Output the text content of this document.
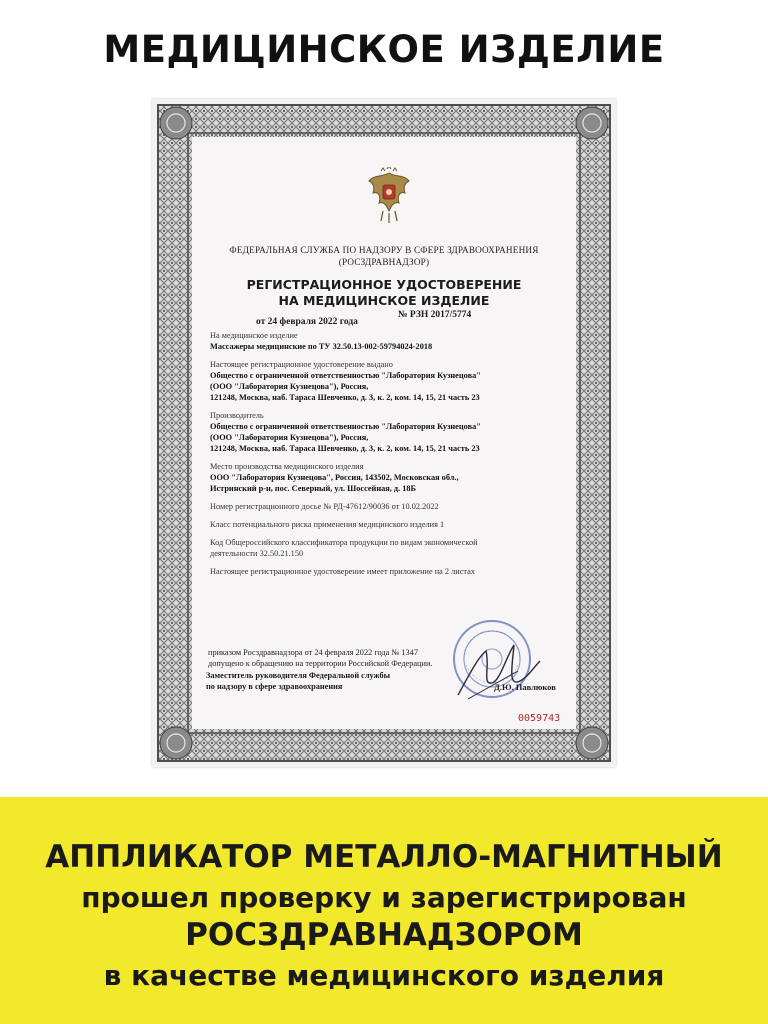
МЕДИЦИНСКОЕ ИЗДЕЛИЕ
ФЕДЕРАЛЬНАЯ СЛУЖБА ПО НАДЗОРУ В СФЕРЕ ЗДРАВООХРАНЕНИЯ
(РОСЗДРАВНАДЗОР)
РЕГИСТРАЦИОННОЕ УДОСТОВЕРЕНИЕ
НА МЕДИЦИНСКОЕ ИЗДЕЛИЕ
от 24 февраля 2022 года
№ РЗН 2017/5774
На медицинское изделие
Массажеры медицинские по ТУ 32.50.13-002-59794024-2018
Настоящее регистрационное удостоверение выдано
Общество с ограниченной ответственностью "Лаборатория Кузнецова"
(ООО "Лаборатория Кузнецова"), Россия,
121248, Москва, наб. Тараса Шевченко, д. 3, к. 2, ком. 14, 15, 21 часть 23
Производитель
Общество с ограниченной ответственностью "Лаборатория Кузнецова"
(ООО "Лаборатория Кузнецова"), Россия,
121248, Москва, наб. Тараса Шевченко, д. 3, к. 2, ком. 14, 15, 21 часть 23
Место производства медицинского изделия
ООО "Лаборатория Кузнецова", Россия, 143502, Московская обл.,
Истринский р-н, пос. Северный, ул. Шоссейная, д. 18Б
Номер регистрационного досье № РД-47612/90036 от 10.02.2022
Класс потенциального риска применения медицинского изделия 1
Код Общероссийского классификатора продукции по видам экономической
деятельности 32.50.21.150
Настоящее регистрационное удостоверение имеет приложение на 2 листах
приказом Росздравнадзора от 24 февраля 2022 года № 1347
допущено к обращению на территории Российской Федерации.
Заместитель руководителя Федеральной службы
по надзору в сфере здравоохранения	Д.Ю. Павлюков
0059743
АППЛИКАТОР МЕТАЛЛО-МАГНИТНЫЙ
прошел проверку и зарегистрирован
РОСЗДРАВНАДЗОРОМ
в качестве медицинского изделия
